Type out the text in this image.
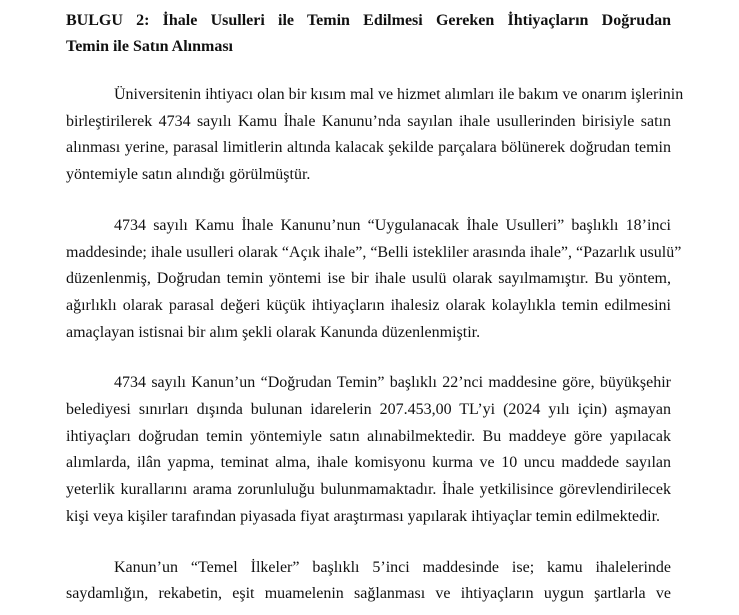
BULGU 2: İhale Usulleri ile Temin Edilmesi Gereken İhtiyaçların Doğrudan
Temin ile Satın Alınması

Üniversitenin ihtiyacı olan bir kısım mal ve hizmet alımları ile bakım ve onarım işlerinin
birleştirilerek 4734 sayılı Kamu İhale Kanunu’nda sayılan ihale usullerinden birisiyle satın
alınması yerine, parasal limitlerin altında kalacak şekilde parçalara bölünerek doğrudan temin
yöntemiyle satın alındığı görülmüştür.

4734 sayılı Kamu İhale Kanunu’nun “Uygulanacak İhale Usulleri” başlıklı 18’inci
maddesinde; ihale usulleri olarak “Açık ihale”, “Belli istekliler arasında ihale”, “Pazarlık usulü”
düzenlenmiş, Doğrudan temin yöntemi ise bir ihale usulü olarak sayılmamıştır. Bu yöntem,
ağırlıklı olarak parasal değeri küçük ihtiyaçların ihalesiz olarak kolaylıkla temin edilmesini
amaçlayan istisnai bir alım şekli olarak Kanunda düzenlenmiştir.

4734 sayılı Kanun’un “Doğrudan Temin” başlıklı 22’nci maddesine göre, büyükşehir
belediyesi sınırları dışında bulunan idarelerin 207.453,00 TL’yi (2024 yılı için) aşmayan
ihtiyaçları doğrudan temin yöntemiyle satın alınabilmektedir. Bu maddeye göre yapılacak
alımlarda, ilân yapma, teminat alma, ihale komisyonu kurma ve 10 uncu maddede sayılan
yeterlik kurallarını arama zorunluluğu bulunmamaktadır. İhale yetkilisince görevlendirilecek
kişi veya kişiler tarafından piyasada fiyat araştırması yapılarak ihtiyaçlar temin edilmektedir.

Kanun’un “Temel İlkeler” başlıklı 5’inci maddesinde ise; kamu ihalelerinde
saydamlığın, rekabetin, eşit muamelenin sağlanması ve ihtiyaçların uygun şartlarla ve
